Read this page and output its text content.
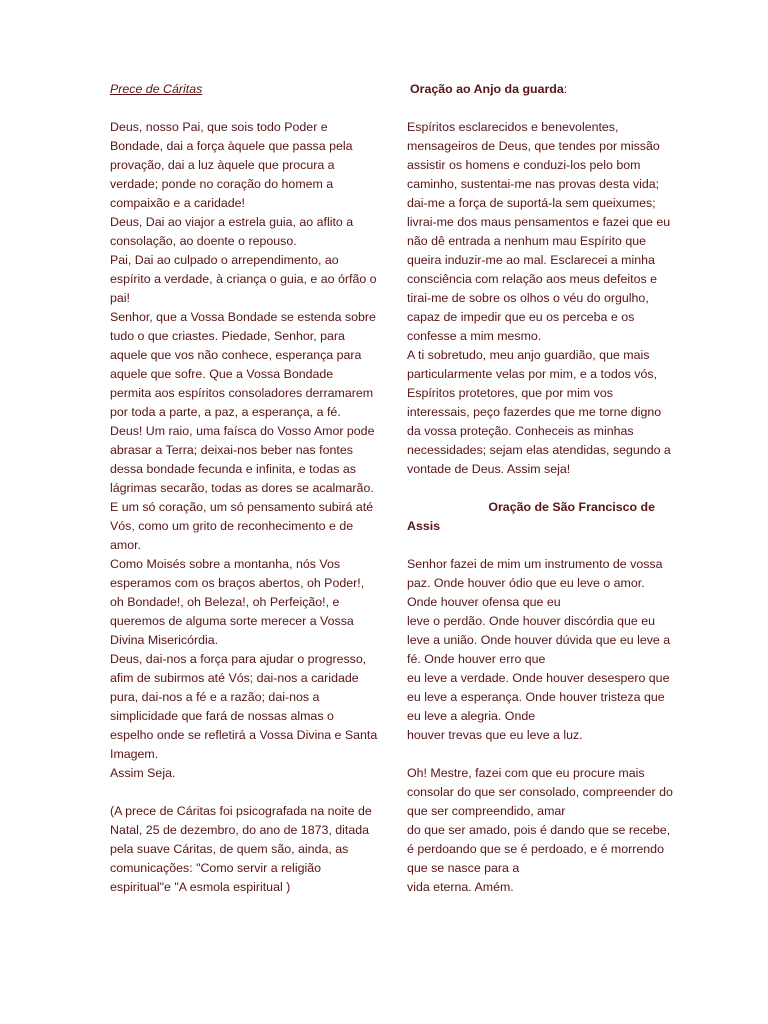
Prece de Cáritas
Deus, nosso Pai, que sois todo Poder e
Bondade, dai a força àquele que passa pela
provação, dai a luz àquele que procura a
verdade; ponde no coração do homem a
compaixão e a caridade!
Deus, Dai ao viajor a estrela guia, ao aflito a
consolação, ao doente o repouso.
Pai, Dai ao culpado o arrependimento, ao
espírito a verdade, à criança o guia, e ao órfão o
pai!
Senhor, que a Vossa Bondade se estenda sobre
tudo o que criastes. Piedade, Senhor, para
aquele que vos não conhece, esperança para
aquele que sofre. Que a Vossa Bondade
permita aos espíritos consoladores derramarem
por toda a parte, a paz, a esperança, a fé.
Deus! Um raio, uma faísca do Vosso Amor pode
abrasar a Terra; deixai-nos beber nas fontes
dessa bondade fecunda e infinita, e todas as
lágrimas secarão, todas as dores se acalmarão.
E um só coração, um só pensamento subirá até
Vós, como um grito de reconhecimento e de
amor.
Como Moisés sobre a montanha, nós Vos
esperamos com os braços abertos, oh Poder!,
oh Bondade!, oh Beleza!, oh Perfeição!, e
queremos de alguma sorte merecer a Vossa
Divina Misericórdia.
Deus, dai-nos a força para ajudar o progresso,
afim de subirmos até Vós; dai-nos a caridade
pura, dai-nos a fé e a razão; dai-nos a
simplicidade que fará de nossas almas o
espelho onde se refletirá a Vossa Divina e Santa
Imagem.
Assim Seja.
(A prece de Cáritas foi psicografada na noite de
Natal, 25 de dezembro, do ano de 1873, ditada
pela suave Cáritas, de quem são, ainda, as
comunicações: "Como servir a religião
espiritual"e "A esmola espiritual )
Oração ao Anjo da guarda:
Espíritos esclarecidos e benevolentes,
mensageiros de Deus, que tendes por missão
assistir os homens e conduzi-los pelo bom
caminho, sustentai-me nas provas desta vida;
dai-me a força de suportá-la sem queixumes;
livrai-me dos maus pensamentos e fazei que eu
não dê entrada a nenhum mau Espírito que
queira induzir-me ao mal. Esclarecei a minha
consciência com relação aos meus defeitos e
tirai-me de sobre os olhos o véu do orgulho,
capaz de impedir que eu os perceba e os
confesse a mim mesmo.
A ti sobretudo, meu anjo guardião, que mais
particularmente velas por mim, e a todos vós,
Espíritos protetores, que por mim vos
interessais, peço fazerdes que me torne digno
da vossa proteção. Conheceis as minhas
necessidades; sejam elas atendidas, segundo a
vontade de Deus. Assim seja!
Oração de São Francisco de
Assis
Senhor fazei de mim um instrumento de vossa
paz. Onde houver ódio que eu leve o amor.
Onde houver ofensa que eu
leve o perdão. Onde houver discórdia que eu
leve a união. Onde houver dúvida que eu leve a
fé. Onde houver erro que
eu leve a verdade. Onde houver desespero que
eu leve a esperança. Onde houver tristeza que
eu leve a alegria. Onde
houver trevas que eu leve a luz.
Oh! Mestre, fazei com que eu procure mais
consolar do que ser consolado, compreender do
que ser compreendido, amar
do que ser amado, pois é dando que se recebe,
é perdoando que se é perdoado, e é morrendo
que se nasce para a
vida eterna. Amém.
